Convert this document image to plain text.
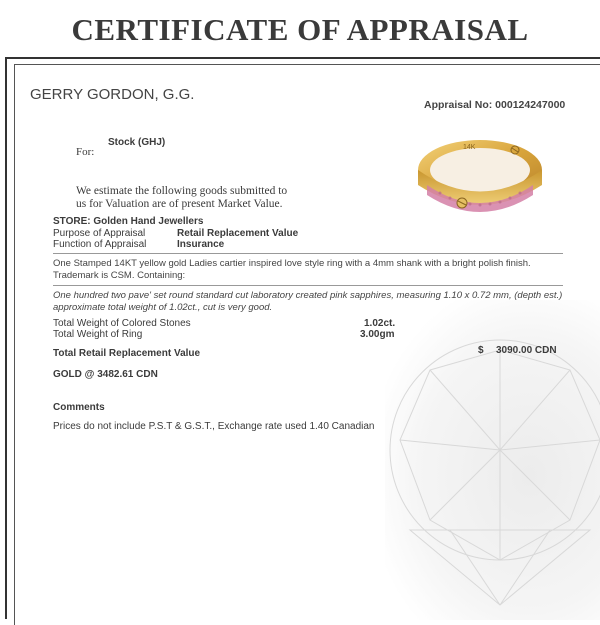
CERTIFICATE OF APPRAISAL
GERRY GORDON, G.G.
Appraisal No: 000124247000
Stock (GHJ)
For:	14K
We estimate the following goods submitted to
us for Valuation are of present Market Value.
STORE: Golden Hand Jewellers
Purpose of Appraisal	Retail Replacement Value
Function of Appraisal	Insurance
One Stamped 14KT yellow gold Ladies cartier inspired love style ring with a 4mm shank with a bright polish finish. Trademark is CSM. Containing:
One hundred two pave' set round standard cut laboratory created pink sapphires, measuring 1.10 x 0.72 mm, (depth est.) approximate total weight of 1.02ct., cut is very good.
Total Weight of Colored Stones	1.02ct.
Total Weight of Ring	3.00gm
Total Retail Replacement Value	$ 3090.00 CDN
GOLD @ 3482.61 CDN
Comments
Prices do not include P.S.T & G.S.T., Exchange rate used 1.40 Canadian
